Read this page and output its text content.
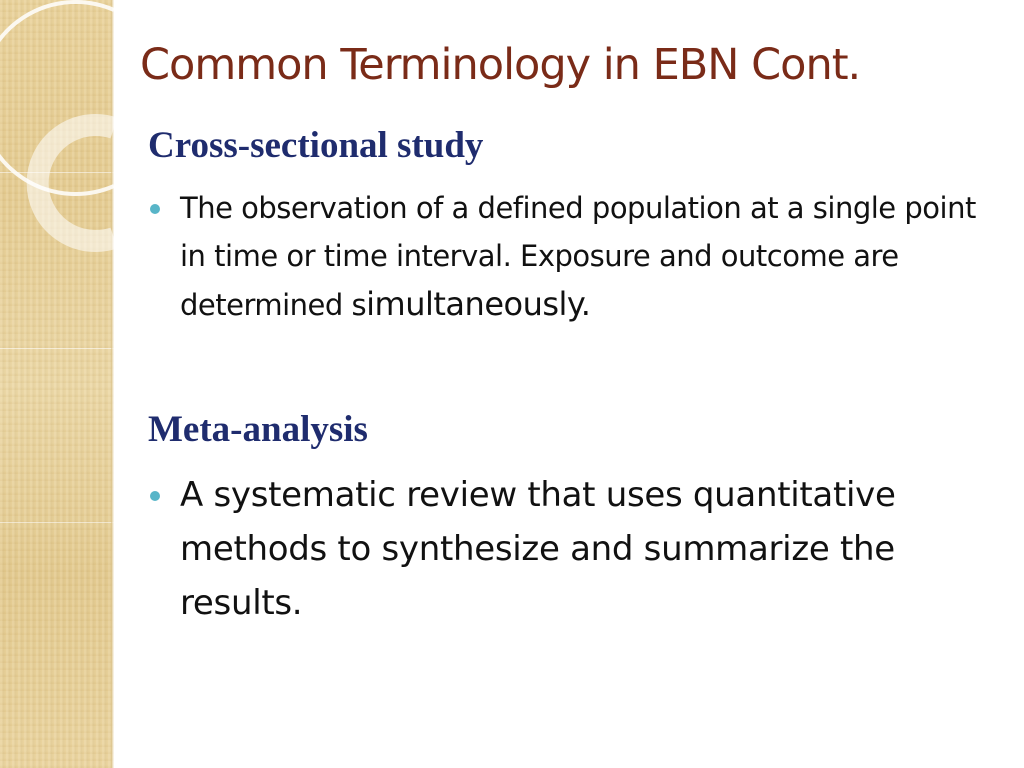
Common Terminology in EBN Cont.
Cross-sectional study

The observation of a defined population at a single point in time or time interval. Exposure and outcome are determined simultaneously.

Meta-analysis

A systematic review that uses quantitative methods to synthesize and summarize the results.
